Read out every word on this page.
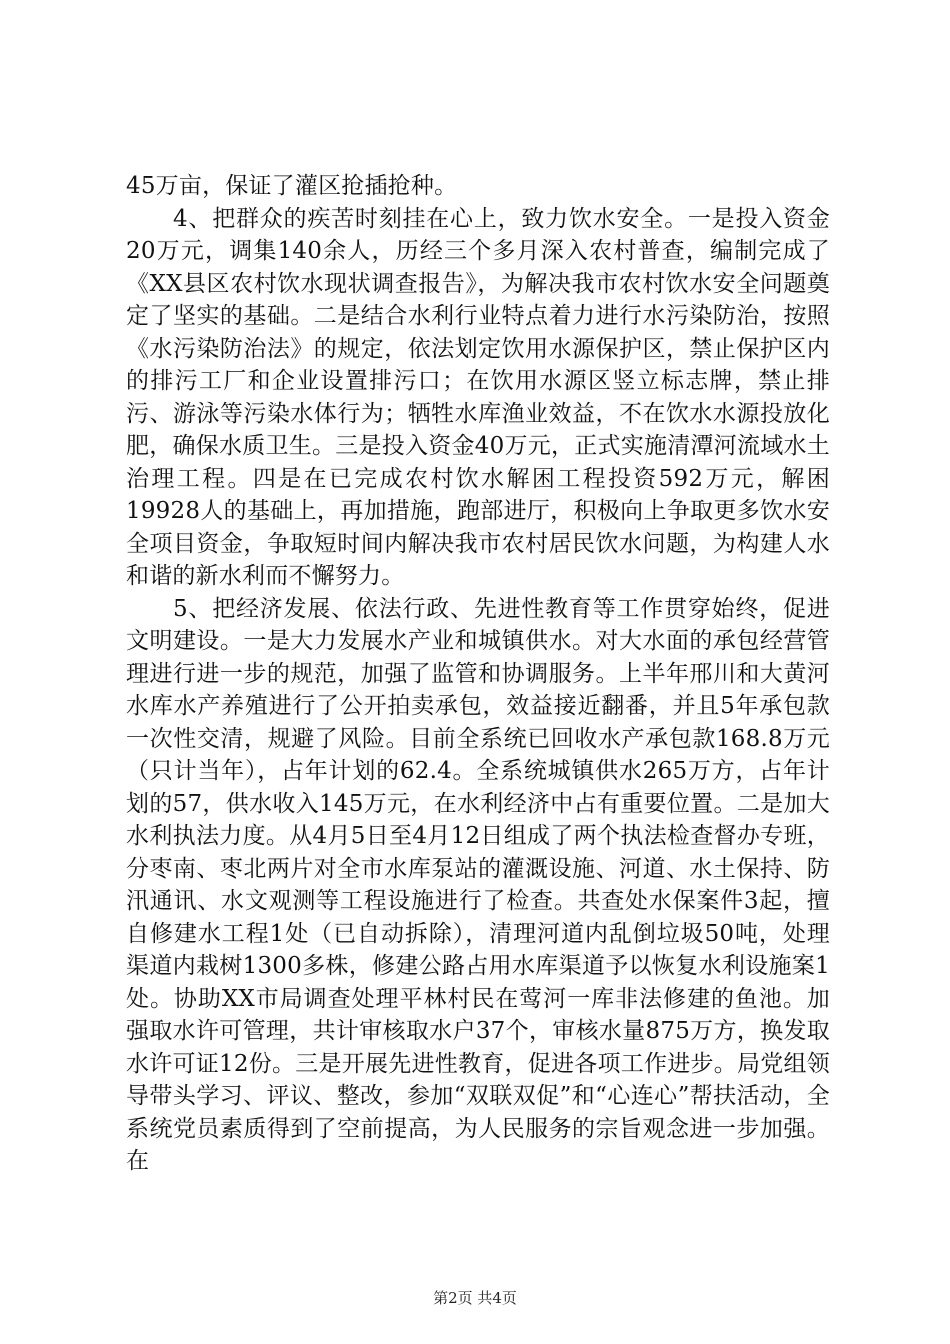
45万亩，保证了灌区抢插抢种。

4、把群众的疾苦时刻挂在心上，致力饮水安全。一是投入资金20万元，调集140余人，历经三个多月深入农村普查，编制完成了《XX县区农村饮水现状调查报告》，为解决我市农村饮水安全问题奠定了坚实的基础。二是结合水利行业特点着力进行水污染防治，按照《水污染防治法》的规定，依法划定饮用水源保护区，禁止保护区内的排污工厂和企业设置排污口；在饮用水源区竖立标志牌，禁止排污、游泳等污染水体行为；牺牲水库渔业效益，不在饮水水源投放化肥，确保水质卫生。三是投入资金40万元，正式实施清潭河流域水土治理工程。四是在已完成农村饮水解困工程投资592万元，解困19928人的基础上，再加措施，跑部进厅，积极向上争取更多饮水安全项目资金，争取短时间内解决我市农村居民饮水问题，为构建人水和谐的新水利而不懈努力。

5、把经济发展、依法行政、先进性教育等工作贯穿始终，促进文明建设。一是大力发展水产业和城镇供水。对大水面的承包经营管理进行进一步的规范，加强了监管和协调服务。上半年邢川和大黄河水库水产养殖进行了公开拍卖承包，效益接近翻番，并且5年承包款一次性交清，规避了风险。目前全系统已回收水产承包款168.8万元（只计当年），占年计划的62.4。全系统城镇供水265万方，占年计划的57，供水收入145万元，在水利经济中占有重要位置。二是加大水利执法力度。从4月5日至4月12日组成了两个执法检查督办专班，分枣南、枣北两片对全市水库泵站的灌溉设施、河道、水土保持、防汛通讯、水文观测等工程设施进行了检查。共查处水保案件3起，擅自修建水工程1处（已自动拆除），清理河道内乱倒垃圾50吨，处理渠道内栽树1300多株，修建公路占用水库渠道予以恢复水利设施案1处。协助XX市局调查处理平林村民在莺河一库非法修建的鱼池。加强取水许可管理，共计审核取水户37个，审核水量875万方，换发取水许可证12份。三是开展先进性教育，促进各项工作进步。局党组领导带头学习、评议、整改，参加“双联双促”和“心连心”帮扶活动，全系统党员素质得到了空前提高，为人民服务的宗旨观念进一步加强。在

第2页 共4页
